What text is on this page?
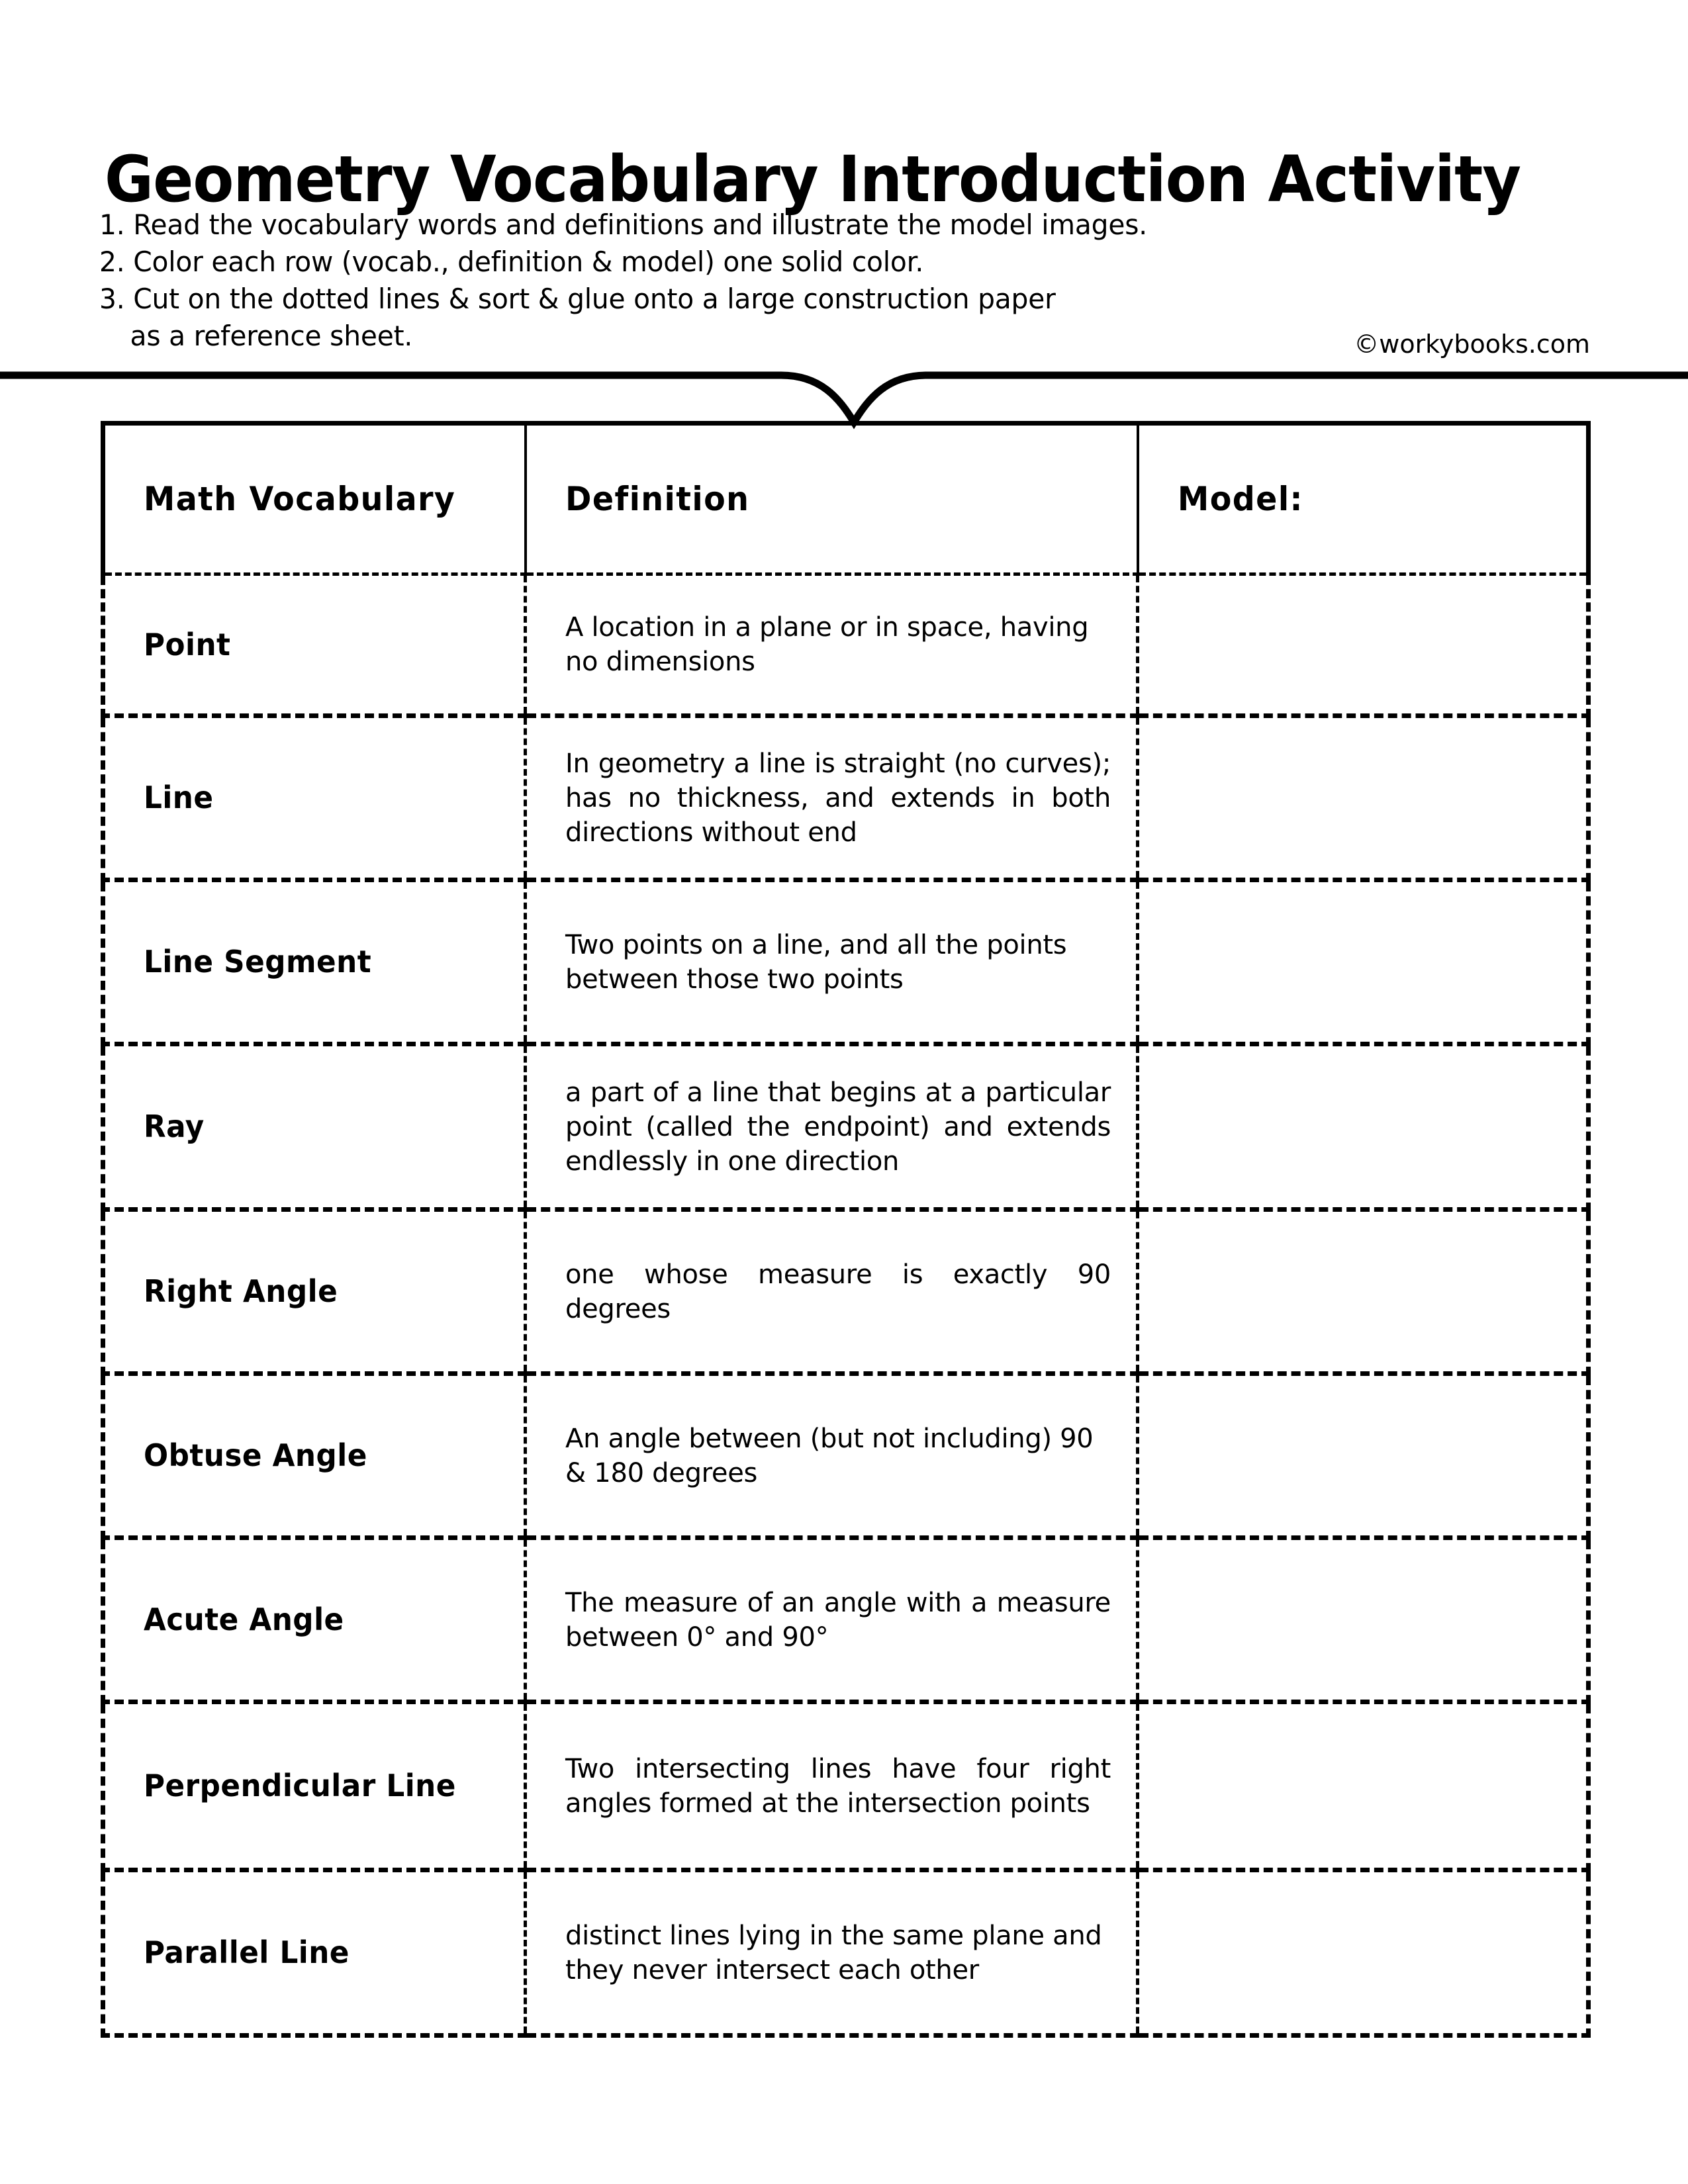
Geometry Vocabulary Introduction Activity
1. Read the vocabulary words and definitions and illustrate the model images.
2. Color each row (vocab., definition & model) one solid color.
3. Cut on the dotted lines & sort & glue onto a large construction paper
as a reference sheet.	©workybooks.com
Math Vocabulary	Definition	Model:
Point	A location in a plane or in space, having no dimensions	

Line	In geometry a line is straight (no curves); has no thickness, and extends in both directions without end	

Line Segment	Two points on a line, and all the points between those two points	

Ray	a part of a line that begins at a particular point (called the endpoint) and extends endlessly in one direction	

Right Angle	one whose measure is exactly 90 degrees	

Obtuse Angle	An angle between (but not including) 90 & 180 degrees	

Acute Angle	The measure of an angle with a measure between 0° and 90°	

Perpendicular Line	Two intersecting lines have four right angles formed at the intersection points	

Parallel Line	distinct lines lying in the same plane and they never intersect each other	
